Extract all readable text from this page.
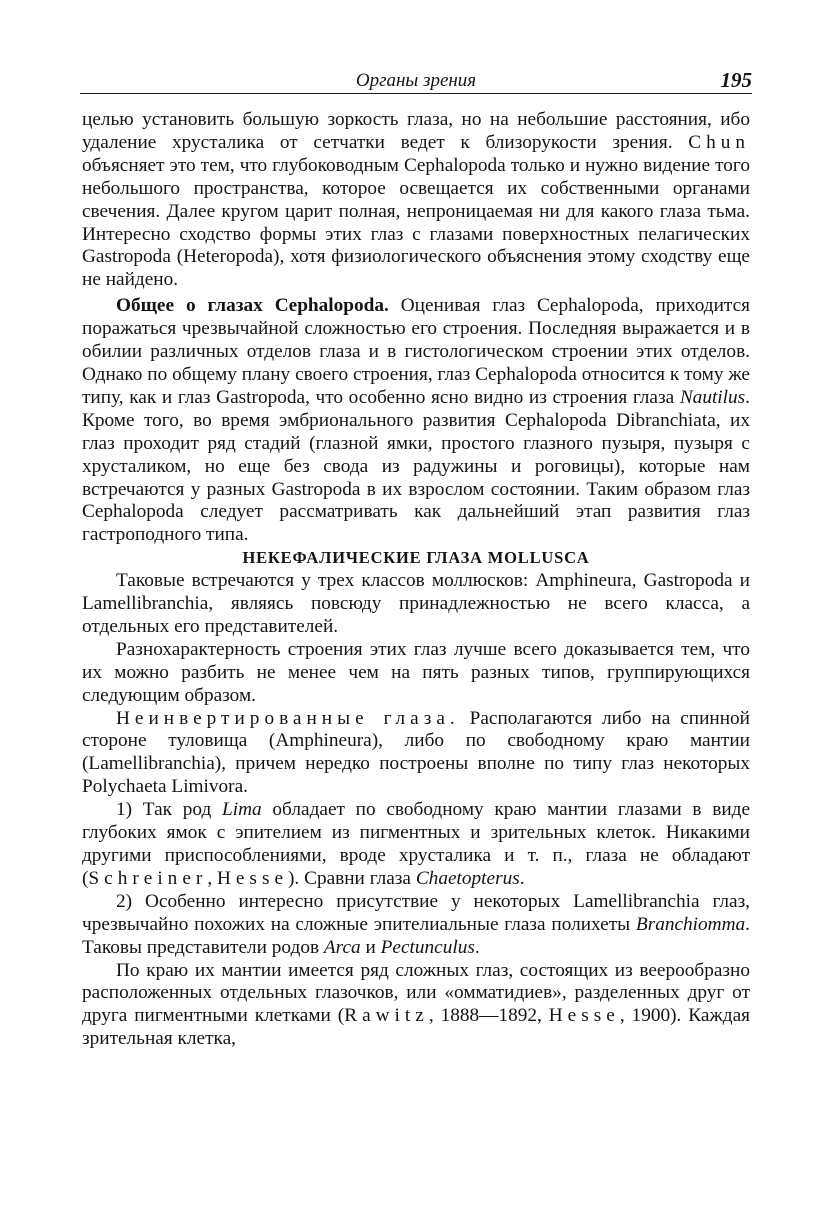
Органы зрения	195

целью установить большую зоркость глаза, но на небольшие расстояния, ибо удаление хрусталика от сетчатки ведет к близорукости зрения. Chun объясняет это тем, что глубоководным Cephalopoda только и нужно видение того небольшого пространства, которое освещается их собственными органами свечения. Далее кругом царит полная, непроницаемая ни для какого глаза тьма. Интересно сходство формы этих глаз с глазами поверхностных пелагических Gastropoda (Heteropoda), хотя физиологического объяснения этому сходству еще не найдено.

Общее о глазах Cephalopoda. Оценивая глаз Cephalopoda, приходится поражаться чрезвычайной сложностью его строения. Последняя выражается и в обилии различных отделов глаза и в гистологическом строении этих отделов. Однако по общему плану своего строения, глаз Cephalopoda относится к тому же типу, как и глаз Gastropoda, что особенно ясно видно из строения глаза Nautilus. Кроме того, во время эмбрионального развития Cephalopoda Dibranchiata, их глаз проходит ряд стадий (глазной ямки, простого глазного пузыря, пузыря с хрусталиком, но еще без свода из радужины и роговицы), которые нам встречаются у разных Gastropoda в их взрослом состоянии. Таким образом глаз Cephalopoda следует рассматривать как дальнейший этап развития глаз гастроподного типа.

НЕКЕФАЛИЧЕСКИЕ ГЛАЗА MOLLUSCA

Таковые встречаются у трех классов моллюсков: Amphineura, Gastropoda и Lamellibranchia, являясь повсюду принадлежностью не всего класса, а отдельных его представителей.

Разнохарактерность строения этих глаз лучше всего доказывается тем, что их можно разбить не менее чем на пять разных типов, группирующихся следующим образом.

Неинвертированные глаза. Располагаются либо на спинной стороне туловища (Amphineura), либо по свободному краю мантии (Lamellibranchia), причем нередко построены вполне по типу глаз некоторых Polychaeta Limivora.

1) Так род Lima обладает по свободному краю мантии глазами в виде глубоких ямок с эпителием из пигментных и зрительных клеток. Никакими другими приспособлениями, вроде хрусталика и т. п., глаза не обладают (Schreiner, Hesse). Сравни глаза Chaetopterus.

2) Особенно интересно присутствие у некоторых Lamellibranchia глаз, чрезвычайно похожих на сложные эпителиальные глаза полихеты Branchiomma. Таковы представители родов Arca и Pectunculus.

По краю их мантии имеется ряд сложных глаз, состоящих из веерообразно расположенных отдельных глазочков, или «омматидиев», разделенных друг от друга пигментными клетками (Rawitz, 1888—1892, Hesse, 1900). Каждая зрительная клетка,
